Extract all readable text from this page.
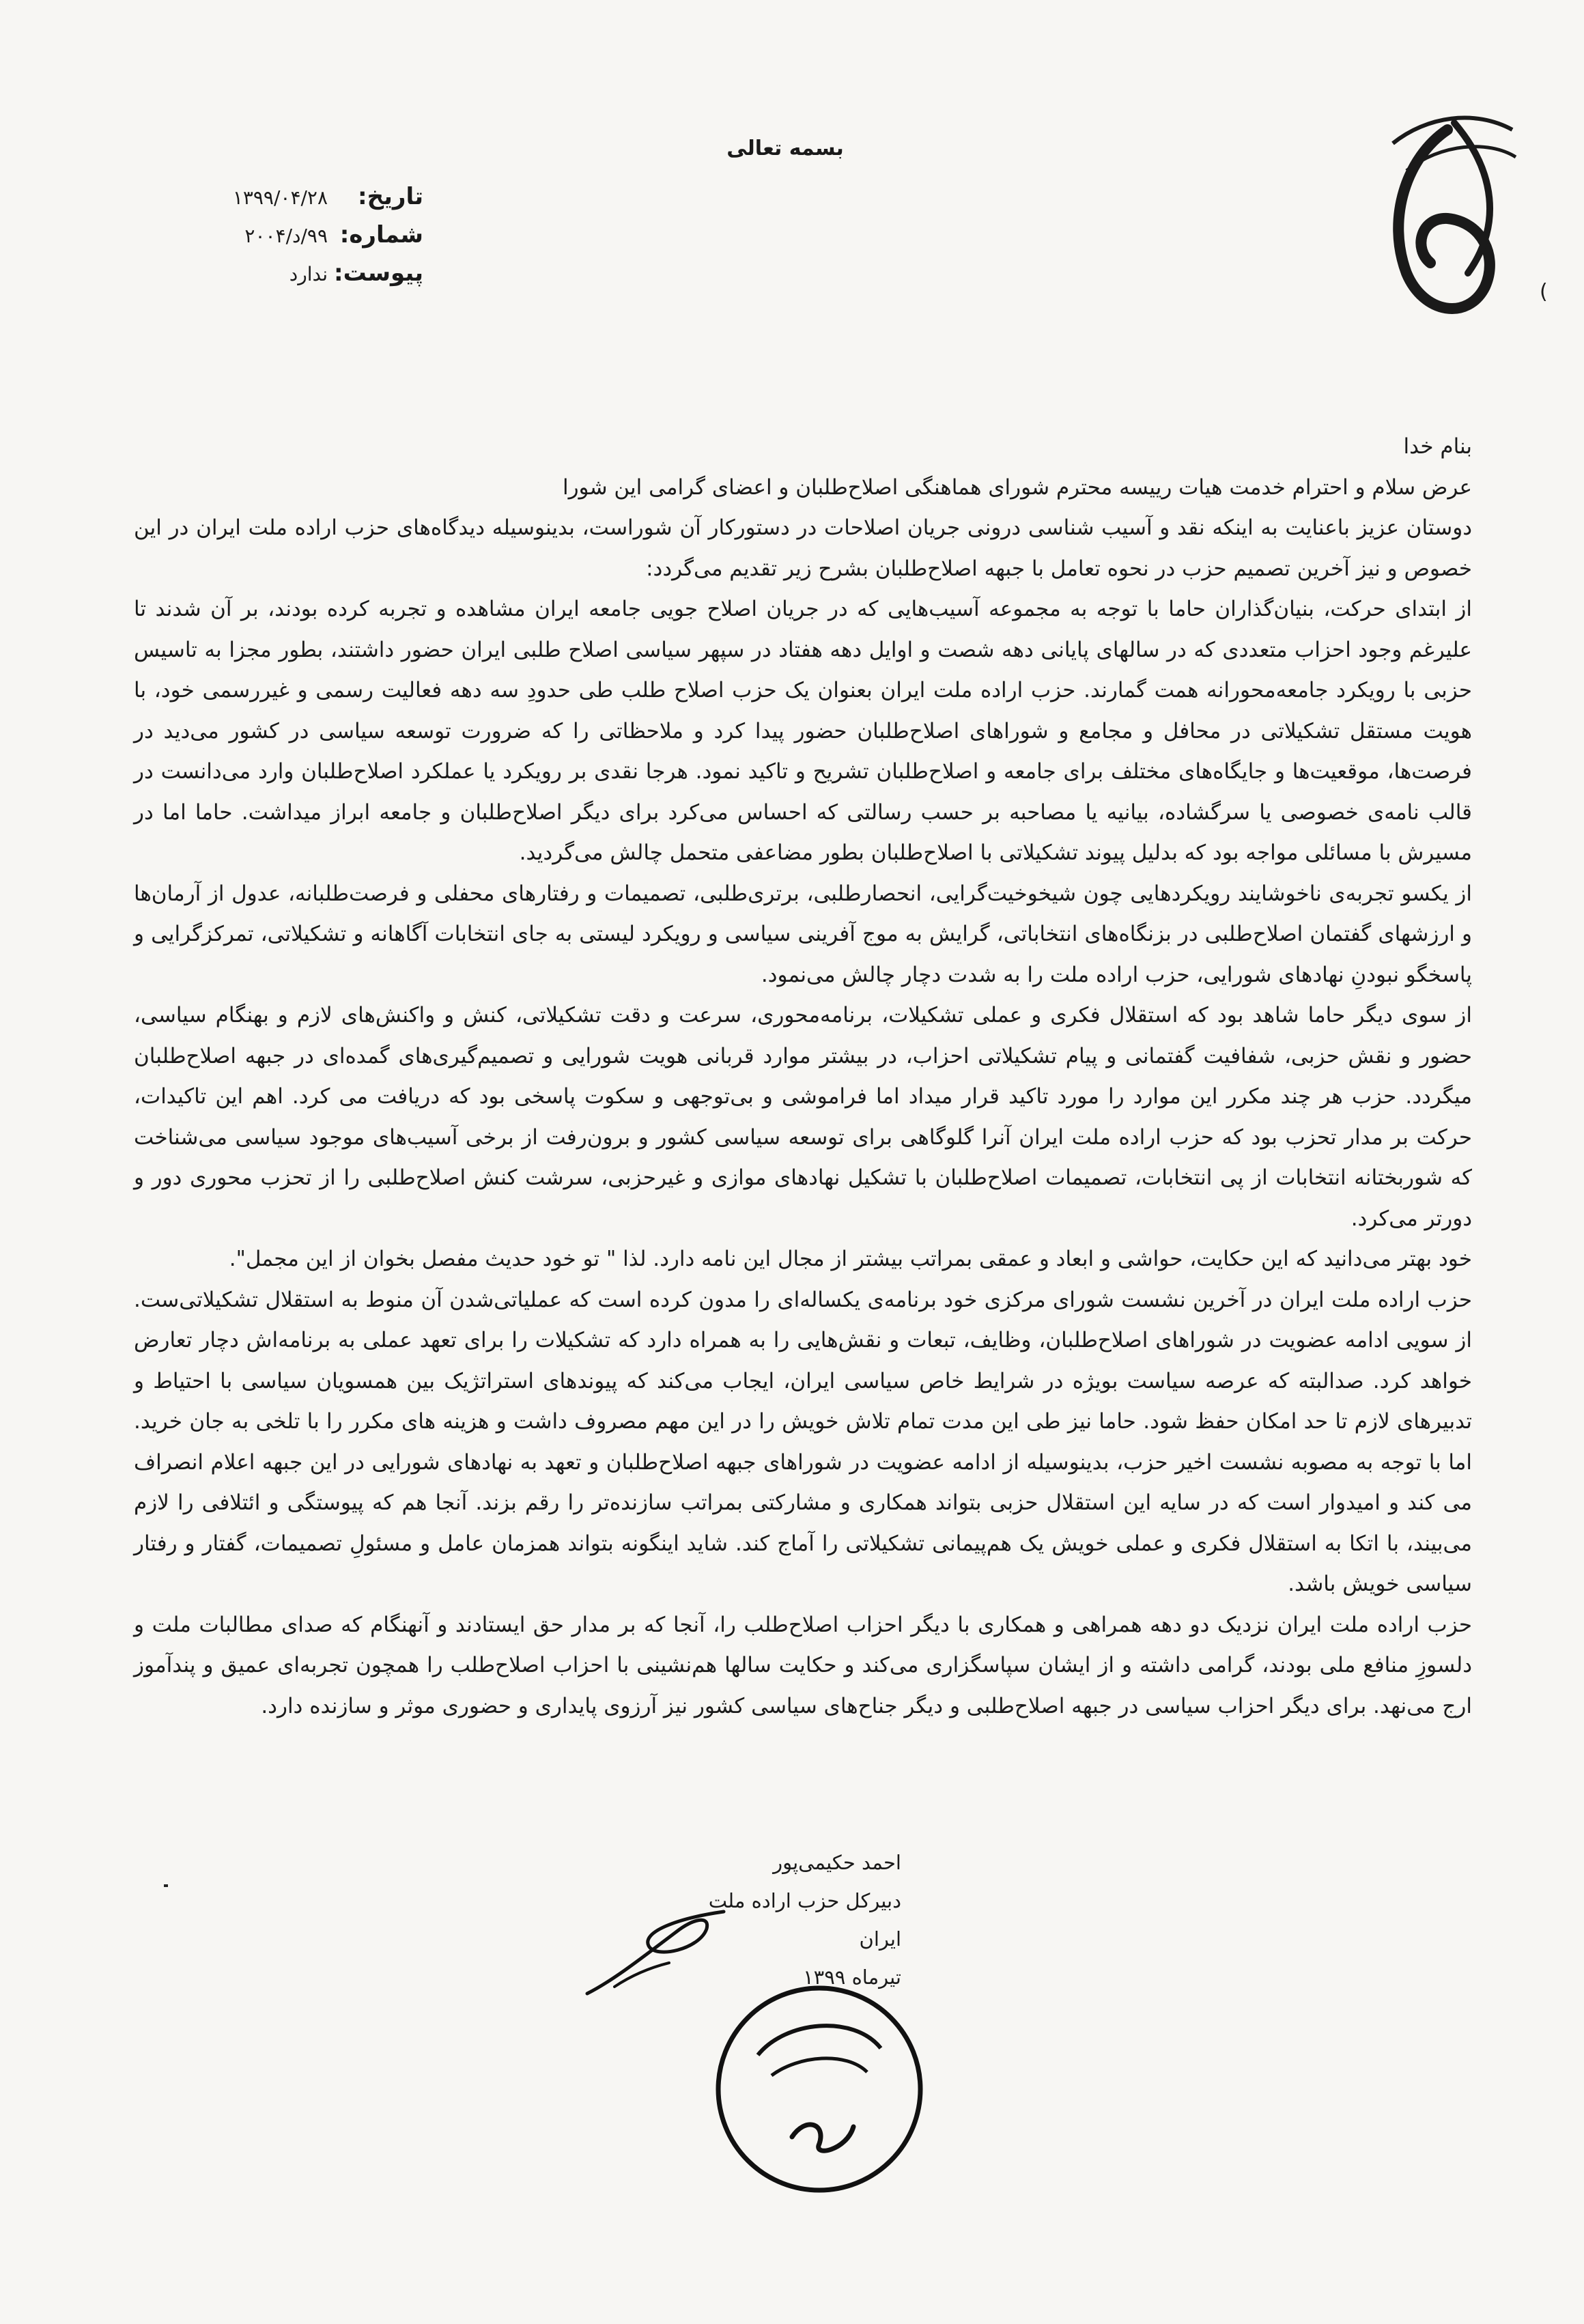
بسمه تعالی
تاریخ:
۱۳۹۹/۰۴/۲۸
شماره:
۹۹/د/۲۰۰۴
پیوست:
ندارد
(

بنام خدا

عرض سلام و احترام خدمت هیات رییسه محترم شورای هماهنگی اصلاح‌طلبان و اعضای گرامی این شورا

دوستان عزیز باعنایت به اینکه نقد و آسیب شناسی درونی جریان اصلاحات در دستورکار آن شوراست، بدینوسیله دیدگاه‌های حزب اراده ملت ایران در این خصوص و نیز آخرین تصمیم حزب در نحوه تعامل با جبهه اصلاح‌طلبان بشرح زیر تقدیم می‌گردد:

از ابتدای حرکت، بنیان‌گذاران حاما با توجه به مجموعه آسیب‌هایی که در جریان اصلاح جویی جامعه ایران مشاهده و تجربه کرده بودند، بر آن شدند تا علیرغم وجود احزاب متعددی که در سالهای پایانی دهه شصت و اوایل دهه هفتاد در سپهر سیاسی اصلاح طلبی ایران حضور داشتند، بطور مجزا به تاسیس حزبی با رویکرد جامعه‌محورانه همت گمارند. حزب اراده ملت ایران بعنوان یک حزب اصلاح طلب طی حدودِ سه دهه فعالیت رسمی و غیررسمی خود، با هویت مستقل تشکیلاتی در محافل و مجامع و شوراهای اصلاح‌طلبان حضور پیدا کرد و ملاحظاتی را که ضرورت توسعه سیاسی در کشور می‌دید در فرصت‌ها، موقعیت‌ها و جایگاه‌های مختلف برای جامعه و اصلاح‌طلبان تشریح و تاکید نمود. هرجا نقدی بر رویکرد یا عملکرد اصلاح‌طلبان وارد می‌دانست در قالب نامه‌ی خصوصی یا سرگشاده، بیانیه یا مصاحبه بر حسب رسالتی که احساس می‌کرد برای دیگر اصلاح‌طلبان و جامعه ابراز میداشت. حاما اما در مسیرش با مسائلی مواجه بود که بدلیل پیوند تشکیلاتی با اصلاح‌طلبان بطور مضاعفی متحمل چالش می‌گردید.

از یکسو تجربه‌ی ناخوشایند رویکردهایی چون شیخوخیت‌گرایی، انحصارطلبی، برتری‌طلبی، تصمیمات و رفتارهای محفلی و فرصت‌طلبانه، عدول از آرمان‌ها و ارزشهای گفتمان اصلاح‌طلبی در بزنگاه‌های انتخاباتی، گرایش به موج آفرینی سیاسی و رویکرد لیستی به جای انتخابات آگاهانه و تشکیلاتی، تمرکزگرایی و پاسخگو نبودنِ نهادهای شورایی، حزب اراده ملت را به شدت دچار چالش می‌نمود.

از سوی دیگر حاما شاهد بود که استقلال فکری و عملی تشکیلات، برنامه‌محوری، سرعت و دقت تشکیلاتی، کنش و واکنش‌های لازم و بهنگام سیاسی، حضور و نقش حزبی، شفافیت گفتمانی و پیام تشکیلاتی احزاب، در بیشتر موارد قربانی هویت شورایی و تصمیم‌گیری‌های گمده‌ای در جبهه اصلاح‌طلبان میگردد. حزب هر چند مکرر این موارد را مورد تاکید قرار میداد اما فراموشی و بی‌توجهی و سکوت پاسخی بود که دریافت می کرد. اهم این تاکیدات، حرکت بر مدار تحزب بود که حزب اراده ملت ایران آنرا گلوگاهی برای توسعه سیاسی کشور و برون‌رفت از برخی آسیب‌های موجود سیاسی می‌شناخت که شوربختانه انتخابات از پی انتخابات، تصمیمات اصلاح‌طلبان با تشکیل نهادهای موازی و غیرحزبی، سرشت کنش اصلاح‌طلبی را از تحزب محوری دور و دورتر می‌کرد.

خود بهتر می‌دانید که این حکایت، حواشی و ابعاد و عمقی بمراتب بیشتر از مجال این نامه دارد. لذا " تو خود حدیث مفصل بخوان از این مجمل".

حزب اراده ملت ایران در آخرین نشست شورای مرکزی خود برنامه‌ی یکساله‌ای را مدون کرده است که عملیاتی‌شدن آن منوط به استقلال تشکیلاتی‌ست. از سویی ادامه عضویت در شوراهای اصلاح‌طلبان، وظایف، تبعات و نقش‌هایی را به همراه دارد که تشکیلات را برای تعهد عملی به برنامه‌اش دچار تعارض خواهد کرد. صدالبته که عرصه سیاست بویژه در شرایط خاص سیاسی ایران، ایجاب می‌کند که پیوندهای استراتژیک بین همسویان سیاسی با احتیاط و تدبیرهای لازم تا حد امکان حفظ شود. حاما نیز طی این مدت تمام تلاش خویش را در این مهم مصروف داشت و هزینه های مکرر را با تلخی به جان خرید. اما با توجه به مصوبه نشست اخیر حزب، بدینوسیله از ادامه عضویت در شوراهای جبهه اصلاح‌طلبان و تعهد به نهادهای شورایی در این جبهه اعلام انصراف می کند و امیدوار است که در سایه این استقلال حزبی بتواند همکاری و مشارکتی بمراتب سازنده‌تر را رقم بزند. آنجا هم که پیوستگی و ائتلافی را لازم می‌بیند، با اتکا به استقلال فکری و عملی خویش یک هم‌پیمانی تشکیلاتی را آماج کند. شاید اینگونه بتواند همزمان عامل و مسئولِ تصمیمات، گفتار و رفتار سیاسی خویش باشد.

حزب اراده ملت ایران نزدیک دو دهه همراهی و همکاری با دیگر احزاب اصلاح‌طلب را، آنجا که بر مدار حق ایستادند و آنهنگام که صدای مطالبات ملت و دلسوزِ منافع ملی بودند، گرامی داشته و از ایشان سپاسگزاری می‌کند و حکایت سالها هم‌نشینی با احزاب اصلاح‌طلب را همچون تجربه‌ای عمیق و پندآموز ارج می‌نهد. برای دیگر احزاب سیاسی در جبهه اصلاح‌طلبی و دیگر جناح‌های سیاسی کشور نیز آرزوی پایداری و حضوری موثر و سازنده دارد.

احمد حکیمی‌پور
دبیرکل حزب اراده ملت ایران
تیرماه ۱۳۹۹
